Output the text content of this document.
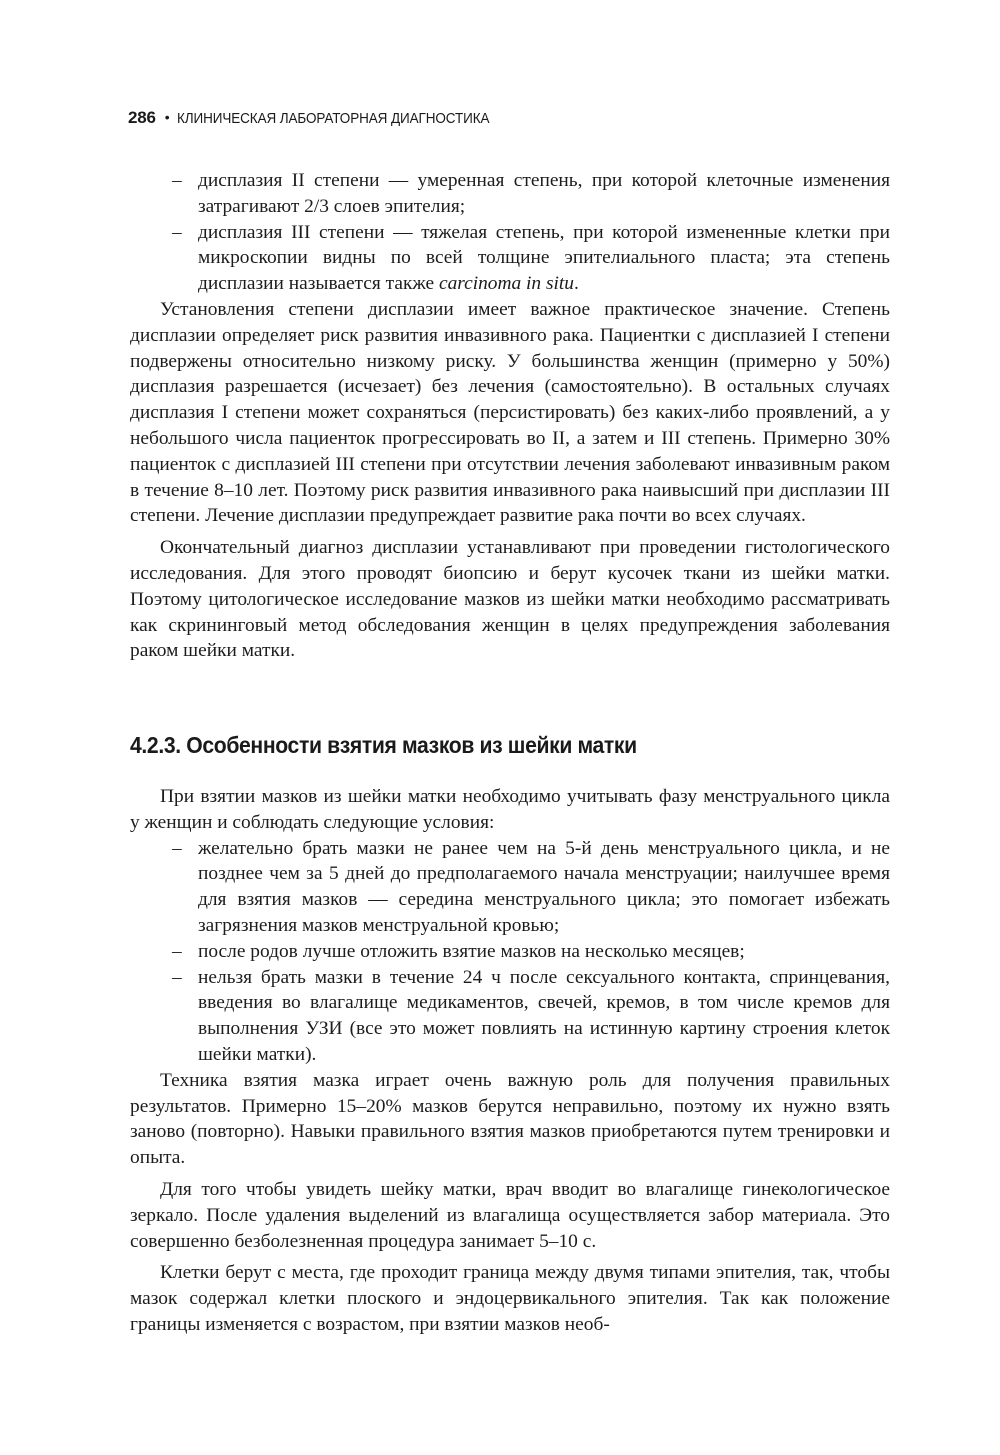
286 • КЛИНИЧЕСКАЯ ЛАБОРАТОРНАЯ ДИАГНОСТИКА
– дисплазия II степени — умеренная степень, при которой клеточные изменения затрагивают 2/3 слоев эпителия;
– дисплазия III степени — тяжелая степень, при которой измененные клетки при микроскопии видны по всей толщине эпителиального пласта; эта степень дисплазии называется также carcinoma in situ.

Установления степени дисплазии имеет важное практическое значение. Степень дисплазии определяет риск развития инвазивного рака. Пациентки с дисплазией I степени подвержены относительно низкому риску. У большинства женщин (примерно у 50%) дисплазия разрешается (исчезает) без лечения (самостоятельно). В остальных случаях дисплазия I степени может сохраняться (персистировать) без каких-либо проявлений, а у небольшого числа пациенток прогрессировать во II, а затем и III степень. Примерно 30% пациенток с дисплазией III степени при отсутствии лечения заболевают инвазивным раком в течение 8–10 лет. Поэтому риск развития инвазивного рака наивысший при дисплазии III степени. Лечение дисплазии предупреждает развитие рака почти во всех случаях.

Окончательный диагноз дисплазии устанавливают при проведении гистологического исследования. Для этого проводят биопсию и берут кусочек ткани из шейки матки. Поэтому цитологическое исследование мазков из шейки матки необходимо рассматривать как скрининговый метод обследования женщин в целях предупреждения заболевания раком шейки матки.

4.2.3. Особенности взятия мазков из шейки матки

При взятии мазков из шейки матки необходимо учитывать фазу менструального цикла у женщин и соблюдать следующие условия:

– желательно брать мазки не ранее чем на 5-й день менструального цикла, и не позднее чем за 5 дней до предполагаемого начала менструации; наилучшее время для взятия мазков — середина менструального цикла; это помогает избежать загрязнения мазков менструальной кровью;
– после родов лучше отложить взятие мазков на несколько месяцев;
– нельзя брать мазки в течение 24 ч после сексуального контакта, спринцевания, введения во влагалище медикаментов, свечей, кремов, в том числе кремов для выполнения УЗИ (все это может повлиять на истинную картину строения клеток шейки матки).

Техника взятия мазка играет очень важную роль для получения правильных результатов. Примерно 15–20% мазков берутся неправильно, поэтому их нужно взять заново (повторно). Навыки правильного взятия мазков приобретаются путем тренировки и опыта.

Для того чтобы увидеть шейку матки, врач вводит во влагалище гинекологическое зеркало. После удаления выделений из влагалища осуществляется забор материала. Это совершенно безболезненная процедура занимает 5–10 с.

Клетки берут с места, где проходит граница между двумя типами эпителия, так, чтобы мазок содержал клетки плоского и эндоцервикального эпителия. Так как положение границы изменяется с возрастом, при взятии мазков необ-
